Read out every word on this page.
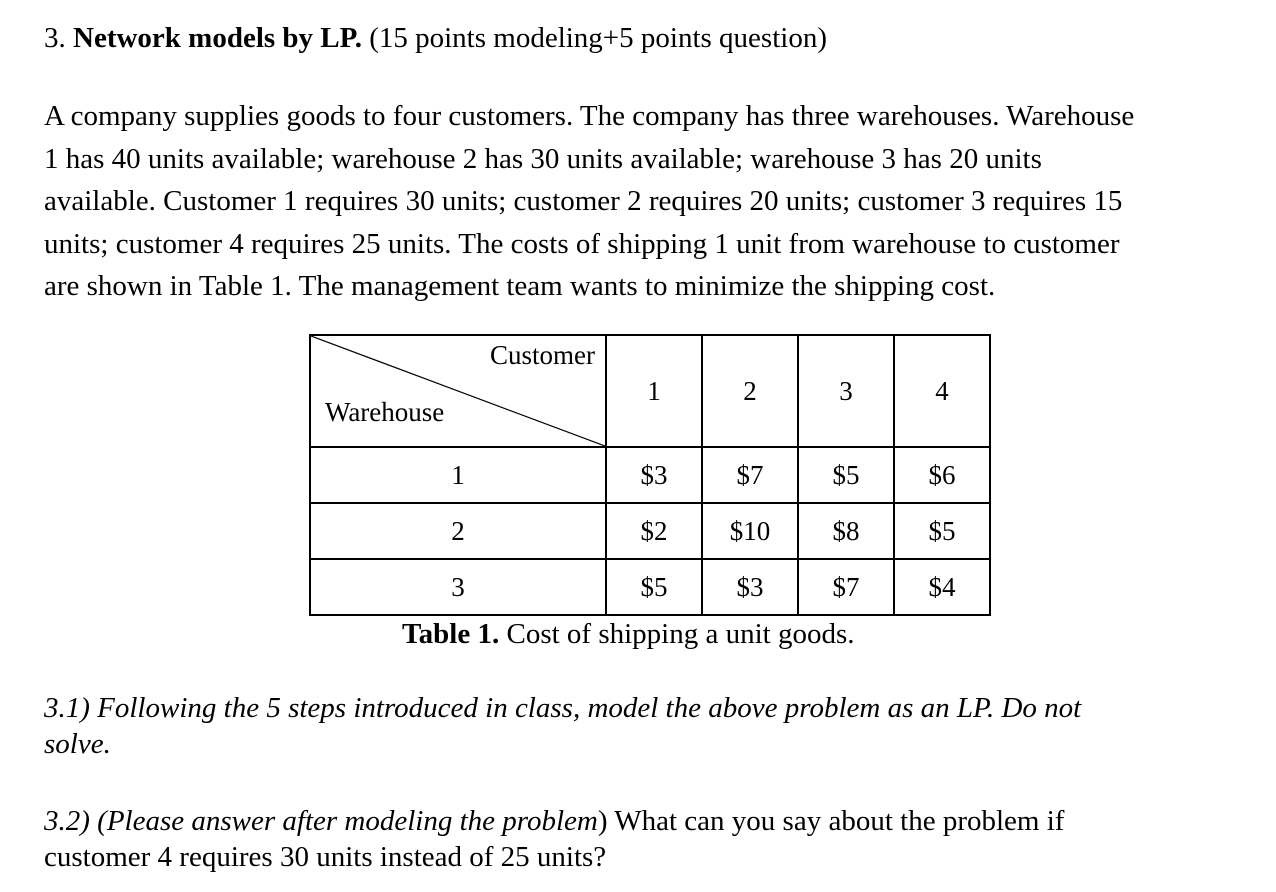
3. Network models by LP. (15 points modeling+5 points question)
A company supplies goods to four customers. The company has three warehouses. Warehouse
1 has 40 units available; warehouse 2 has 30 units available; warehouse 3 has 20 units
available. Customer 1 requires 30 units; customer 2 requires 20 units; customer 3 requires 15
units; customer 4 requires 25 units. The costs of shipping 1 unit from warehouse to customer
are shown in Table 1. The management team wants to minimize the shipping cost.
Customer
Warehouse	1	2	3	4
1	$3	$7	$5	$6
2	$2	$10	$8	$5
3	$5	$3	$7	$4
Table 1. Cost of shipping a unit goods.
3.1) Following the 5 steps introduced in class, model the above problem as an LP. Do not
solve.
3.2) (Please answer after modeling the problem) What can you say about the problem if
customer 4 requires 30 units instead of 25 units?
